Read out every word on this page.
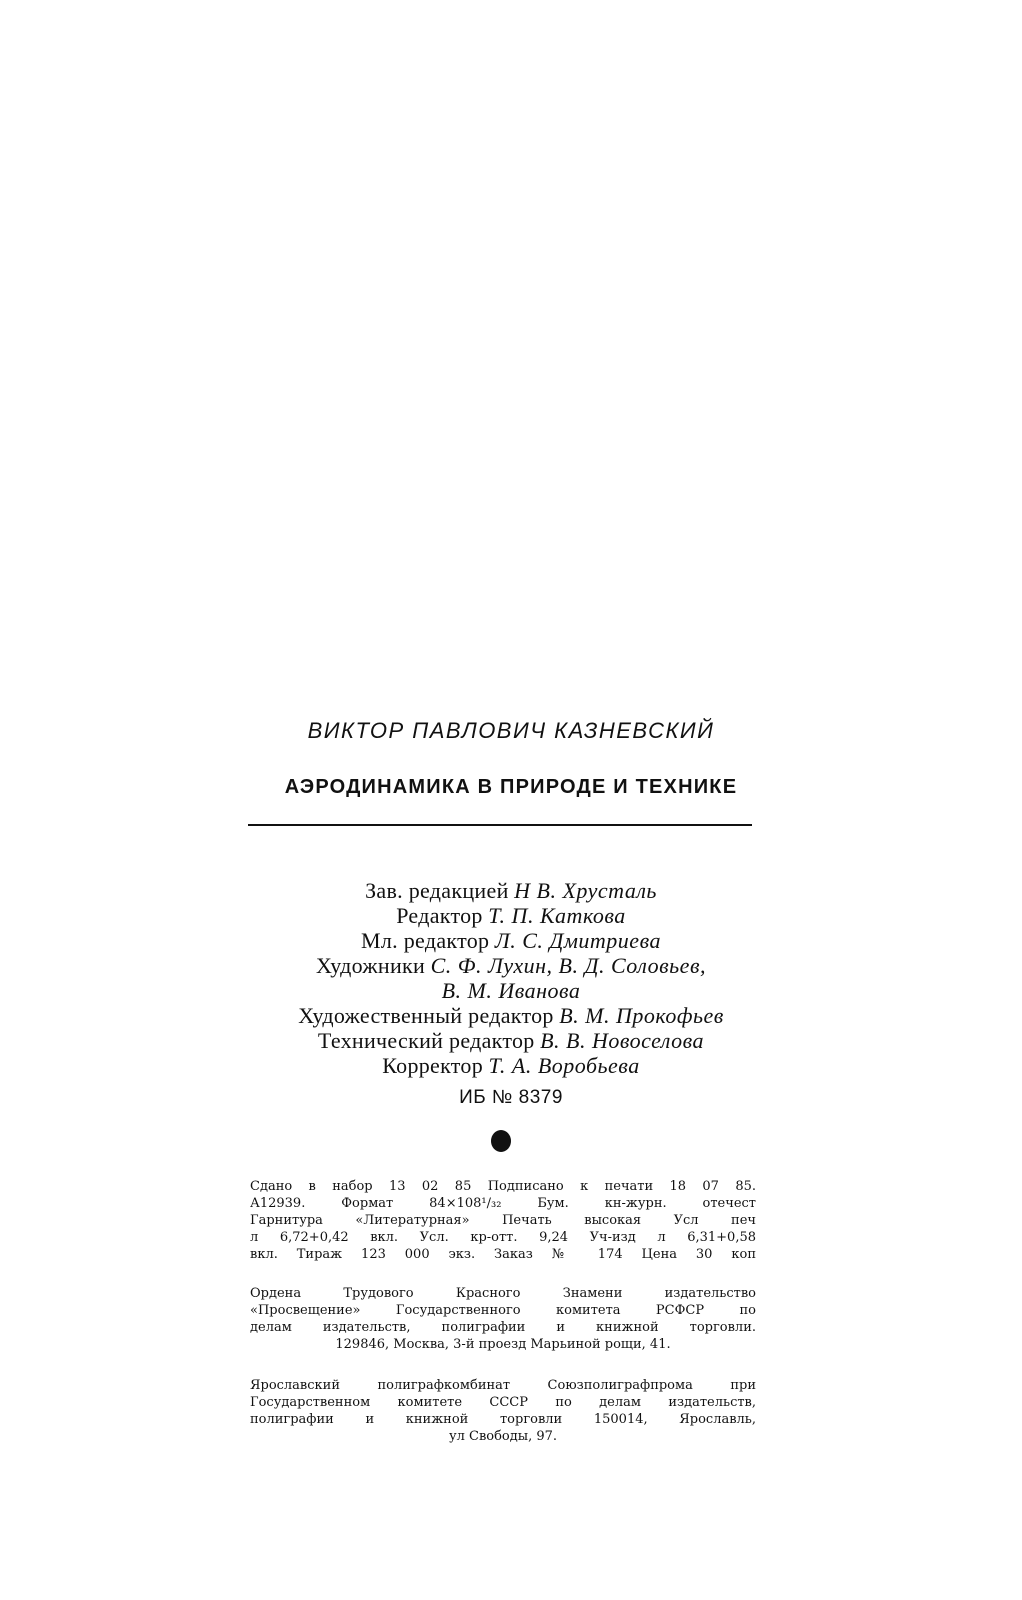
ВИКТОР ПАВЛОВИЧ КАЗНЕВСКИЙ
АЭРОДИНАМИКА В ПРИРОДЕ И ТЕХНИКЕ
Зав. редакцией Н В. Хрусталь
Редактор Т. П. Каткова
Мл. редактор Л. С. Дмитриева
Художники С. Ф. Лухин, В. Д. Соловьев,
В. М. Иванова
Художественный редактор В. М. Прокофьев
Технический редактор В. В. Новоселова
Корректор Т. А. Воробьева
ИБ № 8379
Сдано в набор 13 02 85 Подписано к печати 18 07 85.
А12939. Формат 84×108¹/₃₂ Бум. кн-журн. отечест
Гарнитура «Литературная» Печать высокая Усл печ
л 6,72+0,42 вкл. Усл. кр-отт. 9,24 Уч-изд л 6,31+0,58
вкл. Тираж 123 000 экз. Заказ № 174 Цена 30 коп
Ордена Трудового Красного Знамени издательство
«Просвещение» Государственного комитета РСФСР по
делам издательств, полиграфии и книжной торговли.
129846, Москва, 3-й проезд Марьиной рощи, 41.
Ярославский полиграфкомбинат Союзполиграфпрома при
Государственном комитете СССР по делам издательств,
полиграфии и книжной торговли 150014, Ярославль,
ул Свободы, 97.
